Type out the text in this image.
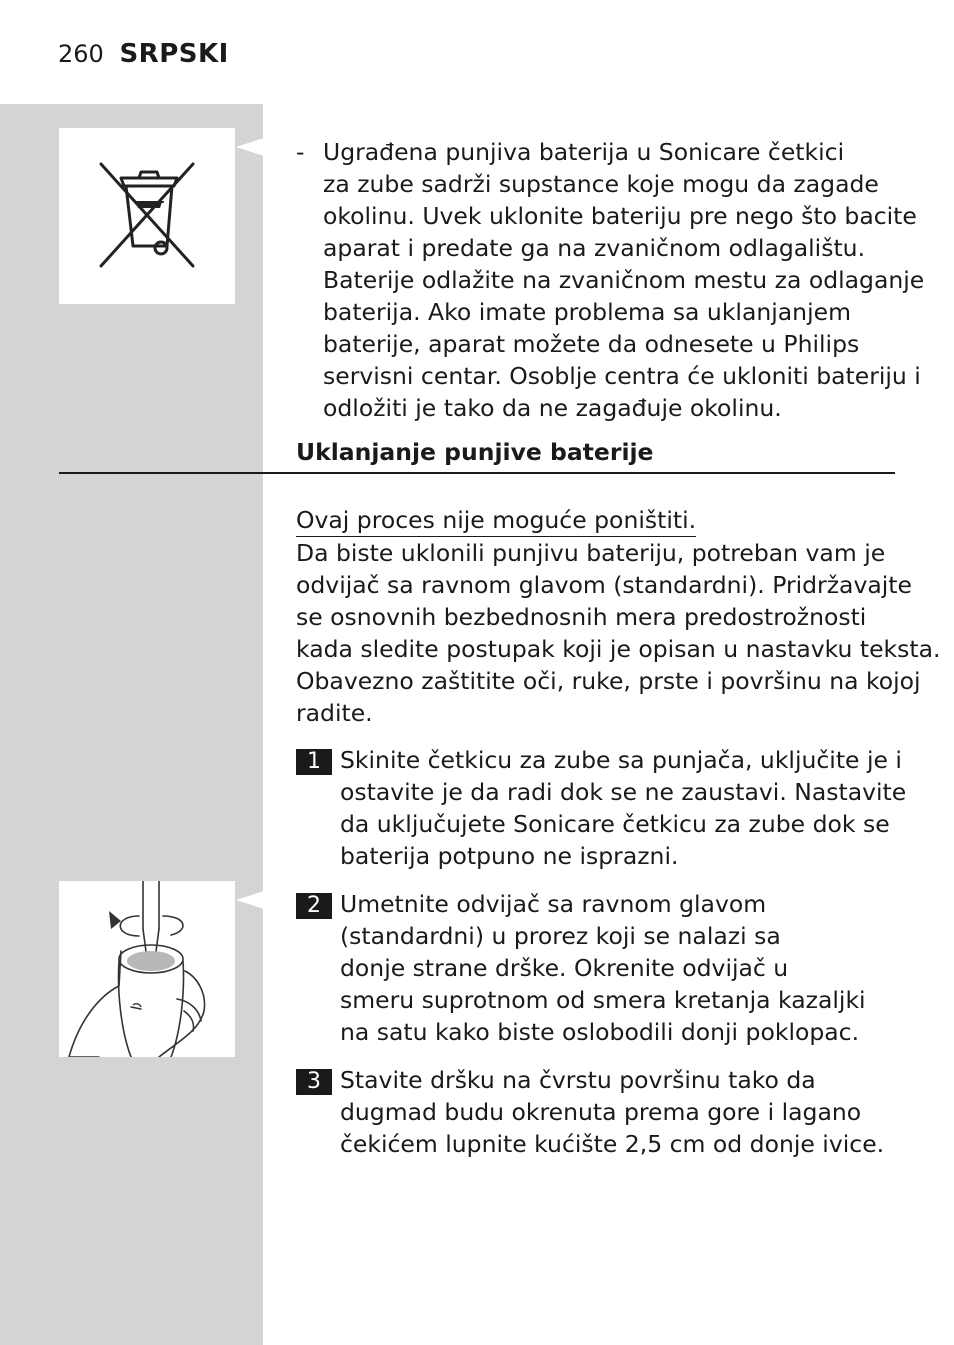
260 SRPSKI
- Ugrađena punjiva baterija u Sonicare četkici
za zube sadrži supstance koje mogu da zagade
okolinu. Uvek uklonite bateriju pre nego što bacite
aparat i predate ga na zvaničnom odlagalištu.
Baterije odlažite na zvaničnom mestu za odlaganje
baterija. Ako imate problema sa uklanjanjem
baterije, aparat možete da odnesete u Philips
servisni centar. Osoblje centra će ukloniti bateriju i
odložiti je tako da ne zagađuje okolinu.
Uklanjanje punjive baterije
Ovaj proces nije moguće poništiti.
Da biste uklonili punjivu bateriju, potreban vam je
odvijač sa ravnom glavom (standardni). Pridržavajte
se osnovnih bezbednosnih mera predostrožnosti
kada sledite postupak koji je opisan u nastavku teksta.
Obavezno zaštitite oči, ruke, prste i površinu na kojoj
radite.
1 Skinite četkicu za zube sa punjača, uključite je i
ostavite je da radi dok se ne zaustavi. Nastavite
da uključujete Sonicare četkicu za zube dok se
baterija potpuno ne isprazni.
2 Umetnite odvijač sa ravnom glavom
(standardni) u prorez koji se nalazi sa
donje strane drške. Okrenite odvijač u
smeru suprotnom od smera kretanja kazaljki
na satu kako biste oslobodili donji poklopac.
3 Stavite dršku na čvrstu površinu tako da
dugmad budu okrenuta prema gore i lagano
čekićem lupnite kućište 2,5 cm od donje ivice.
